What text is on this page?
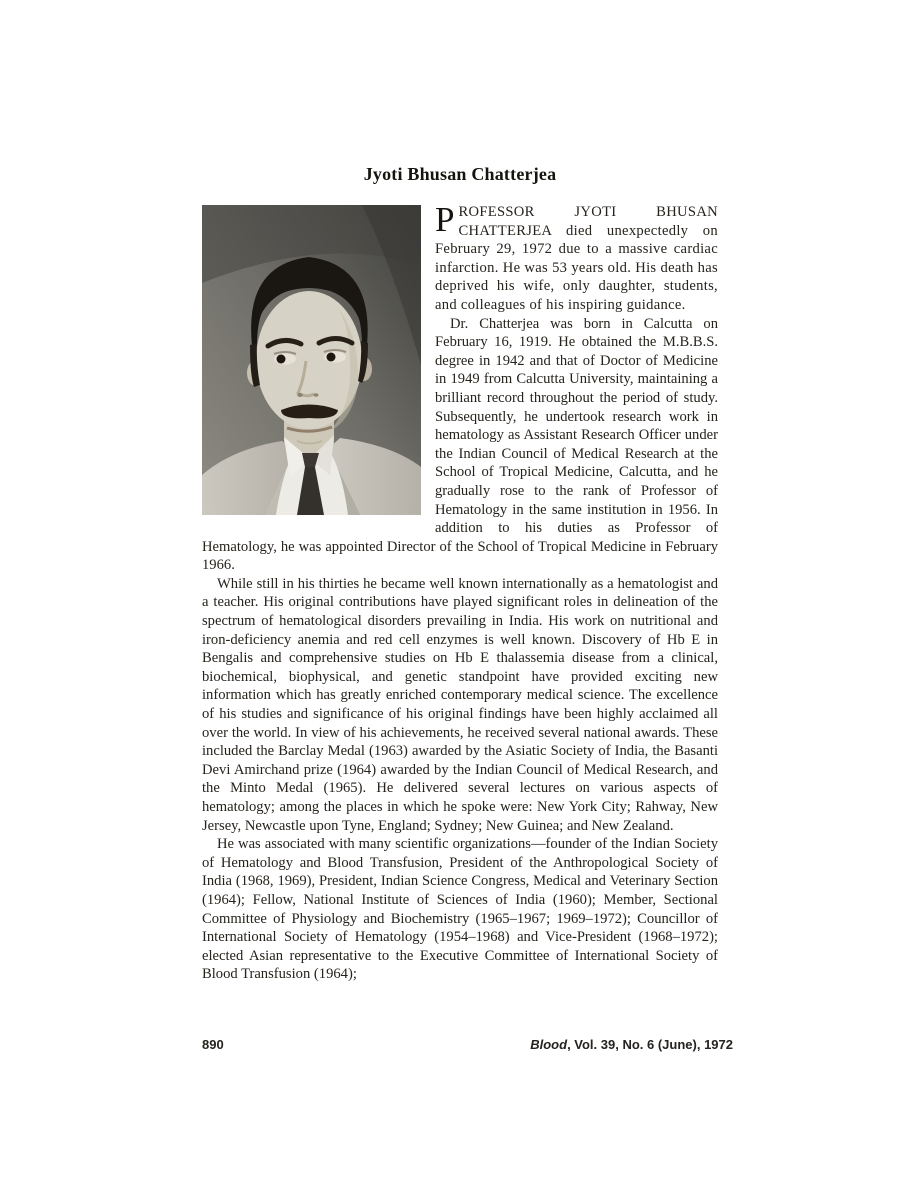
Jyoti Bhusan Chatterjea

PROFESSOR JYOTI BHUSAN CHATTERJEA died unexpectedly on February 29, 1972 due to a massive cardiac infarction. He was 53 years old. His death has deprived his wife, only daughter, students, and colleagues of his inspiring guidance.

Dr. Chatterjea was born in Calcutta on February 16, 1919. He obtained the M.B.B.S. degree in 1942 and that of Doctor of Medicine in 1949 from Calcutta University, maintaining a brilliant record throughout the period of study. Subsequently, he undertook research work in hematology as Assistant Research Officer under the Indian Council of Medical Research at the School of Tropical Medicine, Calcutta, and he gradually rose to the rank of Professor of Hematology in the same institution in 1956. In addition to his duties as Professor of Hematology, he was appointed Director of the School of Tropical Medicine in February 1966.

While still in his thirties he became well known internationally as a hematologist and a teacher. His original contributions have played significant roles in delineation of the spectrum of hematological disorders prevailing in India. His work on nutritional and iron-deficiency anemia and red cell enzymes is well known. Discovery of Hb E in Bengalis and comprehensive studies on Hb E thalassemia disease from a clinical, biochemical, biophysical, and genetic standpoint have provided exciting new information which has greatly enriched contemporary medical science. The excellence of his studies and significance of his original findings have been highly acclaimed all over the world. In view of his achievements, he received several national awards. These included the Barclay Medal (1963) awarded by the Asiatic Society of India, the Basanti Devi Amirchand prize (1964) awarded by the Indian Council of Medical Research, and the Minto Medal (1965). He delivered several lectures on various aspects of hematology; among the places in which he spoke were: New York City; Rahway, New Jersey, Newcastle upon Tyne, England; Sydney; New Guinea; and New Zealand.

He was associated with many scientific organizations—founder of the Indian Society of Hematology and Blood Transfusion, President of the Anthropological Society of India (1968, 1969), President, Indian Science Congress, Medical and Veterinary Section (1964); Fellow, National Institute of Sciences of India (1960); Member, Sectional Committee of Physiology and Biochemistry (1965–1967; 1969–1972); Councillor of International Society of Hematology (1954–1968) and Vice-President (1968–1972); elected Asian representative to the Executive Committee of International Society of Blood Transfusion (1964);

890	Blood, Vol. 39, No. 6 (June), 1972
